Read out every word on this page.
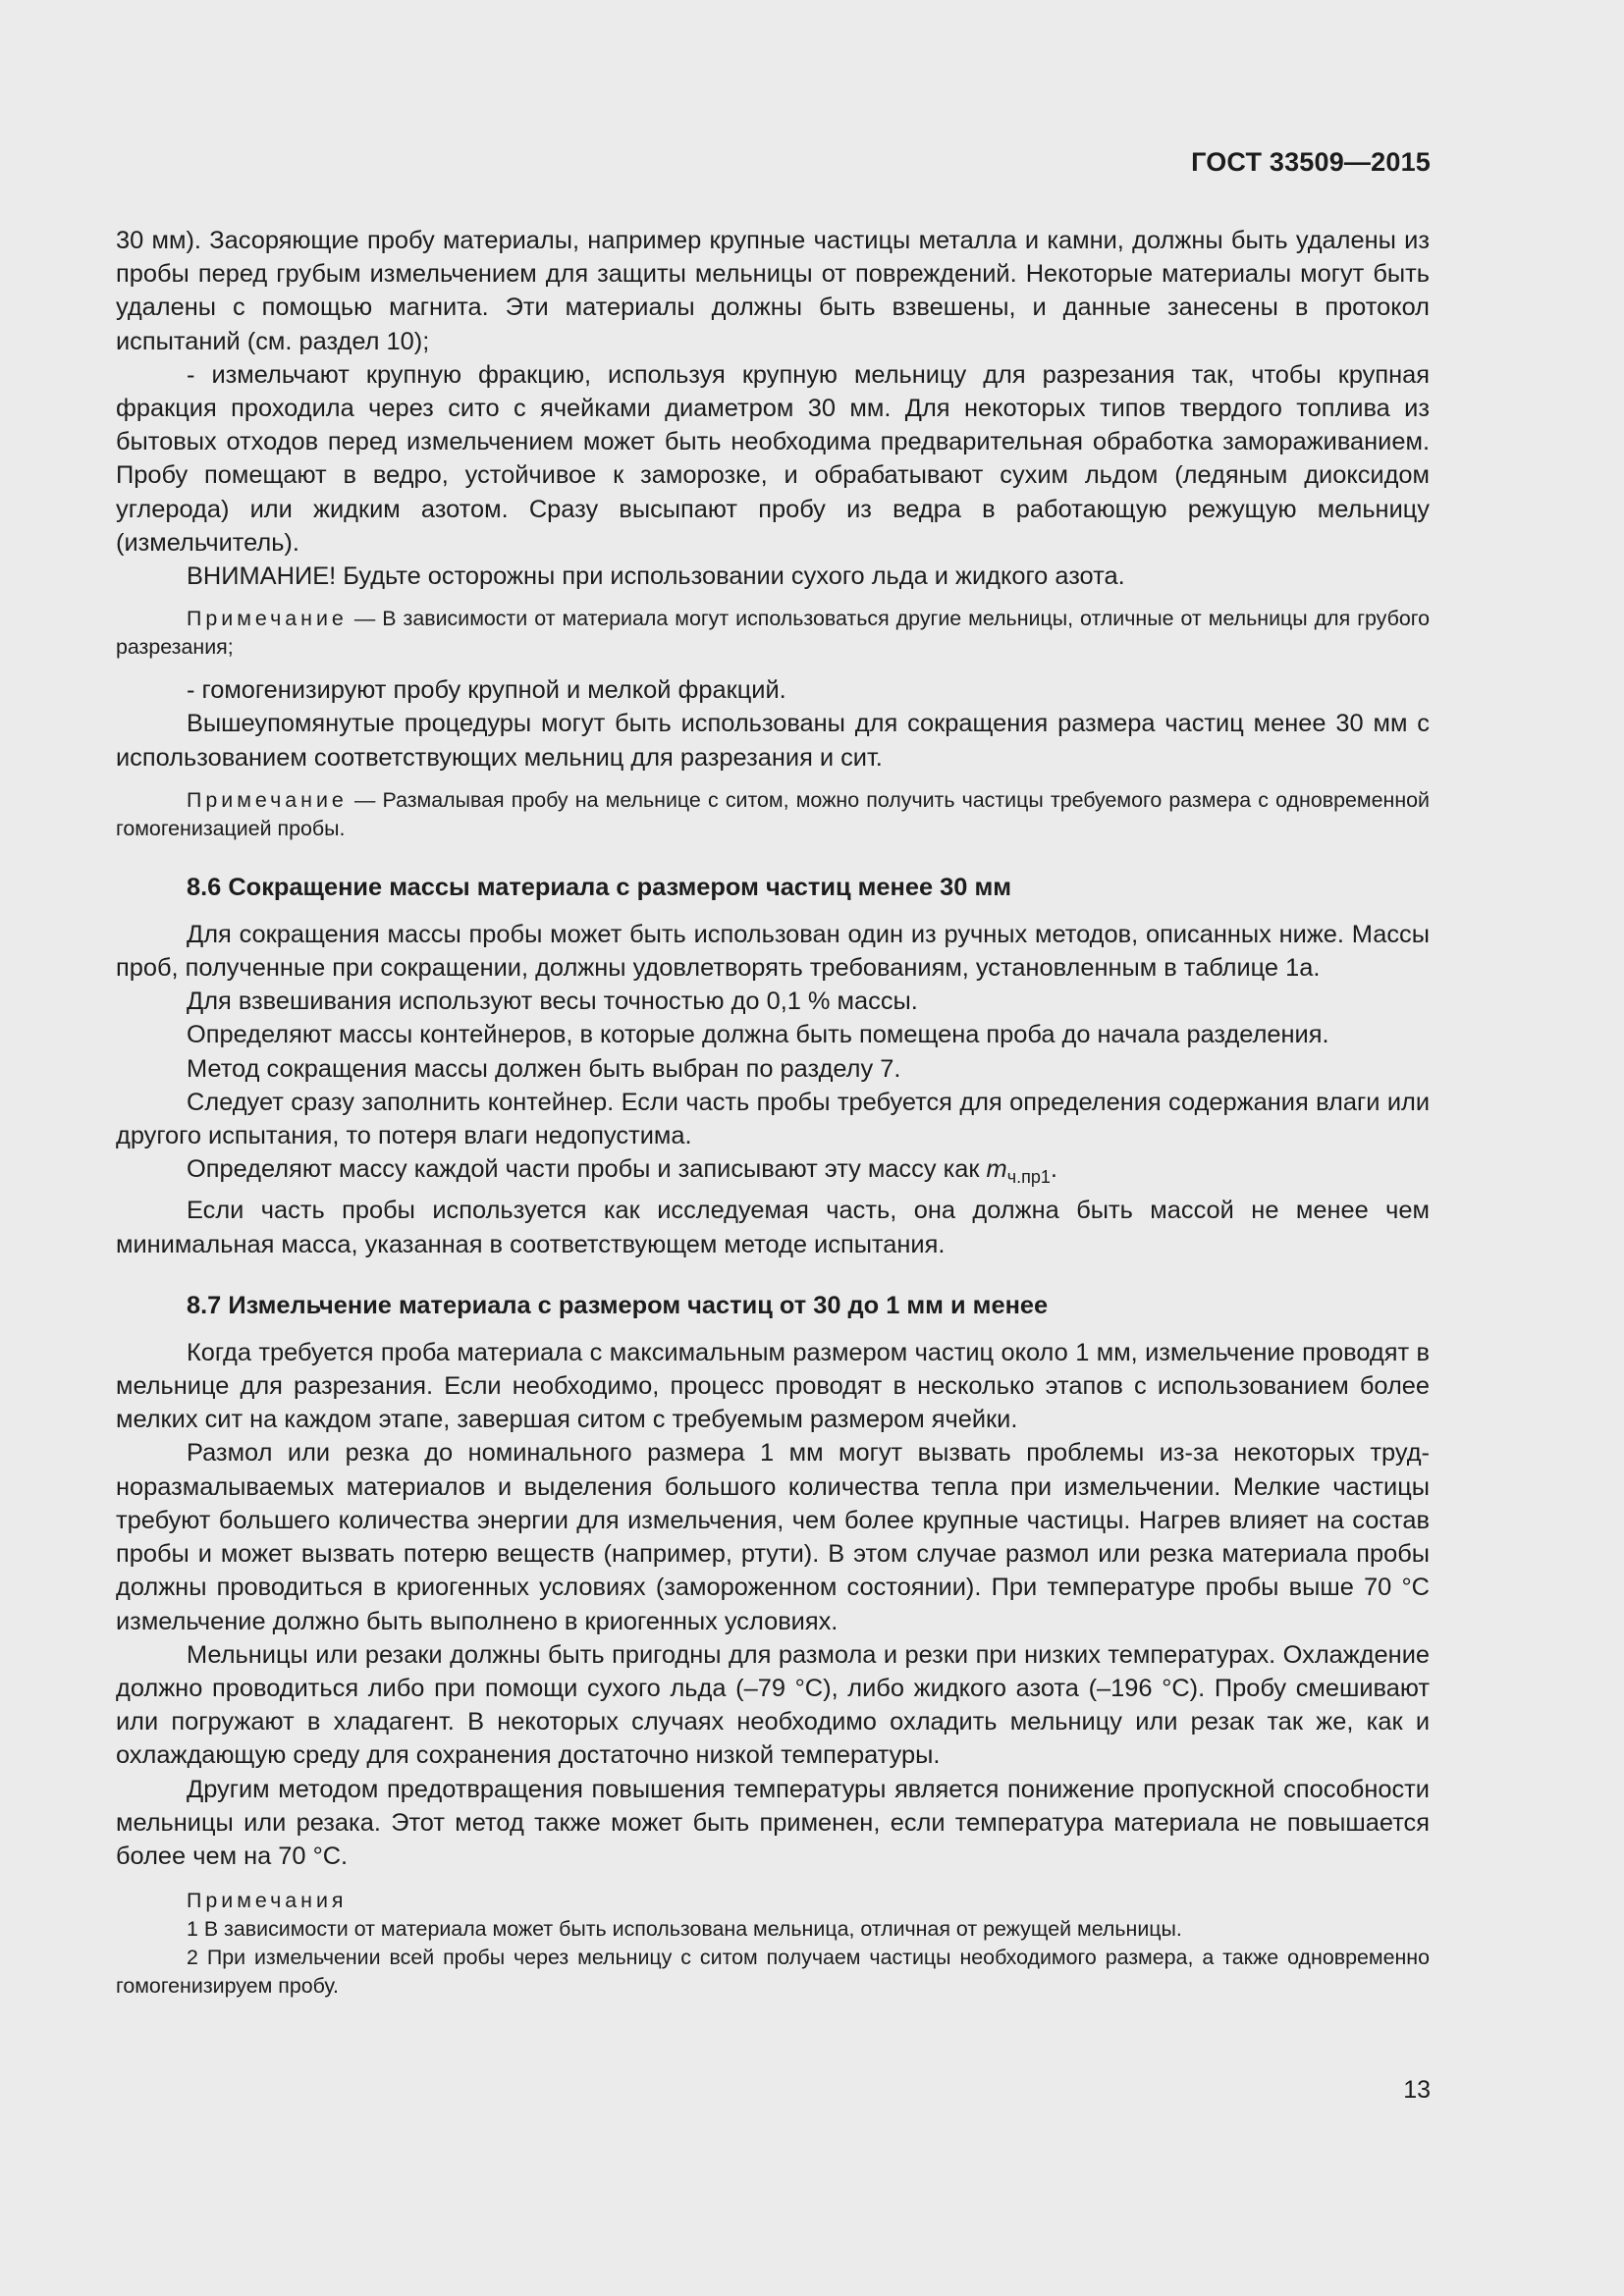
ГОСТ 33509—2015

30 мм). Засоряющие пробу материалы, например крупные частицы металла и камни, должны быть удалены из пробы перед грубым измельчением для защиты мельницы от повреждений. Некоторые материалы могут быть удалены с помощью магнита. Эти материалы должны быть взвешены, и данные занесены в протокол испытаний (см. раздел 10);

- измельчают крупную фракцию, используя крупную мельницу для разрезания так, чтобы крупная фракция проходила через сито с ячейками диаметром 30 мм. Для некоторых типов твердого топлива из бытовых отходов перед измельчением может быть необходима предварительная обработка заморaживанием. Пробу помещают в ведро, устойчивое к заморозке, и обрабатывают сухим льдом (ледяным диоксидом углерода) или жидким азотом. Сразу высыпают пробу из ведра в работающую режущую мельницу (измельчитель).

ВНИМАНИЕ! Будьте осторожны при использовании сухого льда и жидкого азота.

Примечание — В зависимости от материала могут использоваться другие мельницы, отличные от мельницы для грубого разрезания;

- гомогенизируют пробу крупной и мелкой фракций.

Вышеупомянутые процедуры могут быть использованы для сокращения размера частиц менее 30 мм с использованием соответствующих мельниц для разрезания и сит.

Примечание — Размалывая пробу на мельнице с ситом, можно получить частицы требуемого размера с одновременной гомогенизацией пробы.

8.6 Сокращение массы материала с размером частиц менее 30 мм

Для сокращения массы пробы может быть использован один из ручных методов, описанных ниже. Массы проб, полученные при сокращении, должны удовлетворять требованиям, установленным в таблице 1а.

Для взвешивания используют весы точностью до 0,1 % массы.

Определяют массы контейнеров, в которые должна быть помещена проба до начала разделения.

Метод сокращения массы должен быть выбран по разделу 7.

Следует сразу заполнить контейнер. Если часть пробы требуется для определения содержания влаги или другого испытания, то потеря влаги недопустима.

Определяют массу каждой части пробы и записывают эту массу как $m_{ч.пр1}$.

Если часть пробы используется как исследуемая часть, она должна быть массой не менее чем минимальная масса, указанная в соответствующем методе испытания.

8.7 Измельчение материала с размером частиц от 30 до 1 мм и менее

Когда требуется проба материала с максимальным размером частиц около 1 мм, измельчение проводят в мельнице для разрезания. Если необходимо, процесс проводят в несколько этапов с использованием более мелких сит на каждом этапе, завершая ситом с требуемым размером ячейки.

Размол или резка до номинального размера 1 мм могут вызвать проблемы из-за некоторых трудноразмалываемых материалов и выделения большого количества тепла при измельчении. Мелкие частицы требуют большего количества энергии для измельчения, чем более крупные частицы. Нагрев влияет на состав пробы и может вызвать потерю веществ (например, ртути). В этом случае размол или резка материала пробы должны проводиться в криогенных условиях (замороженном состоянии). При температуре пробы выше 70 °С измельчение должно быть выполнено в криогенных условиях.

Мельницы или резаки должны быть пригодны для размола и резки при низких температурах. Охлаждение должно проводиться либо при помощи сухого льда (–79 °С), либо жидкого азота (–196 °С). Пробу смешивают или погружают в хладагент. В некоторых случаях необходимо охладить мельницу или резак так же, как и охлаждающую среду для сохранения достаточно низкой температуры.

Другим методом предотвращения повышения температуры является понижение пропускной способности мельницы или резака. Этот метод также может быть применен, если температура материала не повышается более чем на 70 °С.

Примечания

1 В зависимости от материала может быть использована мельница, отличная от режущей мельницы.

2 При измельчении всей пробы через мельницу с ситом получаем частицы необходимого размера, а также одновременно гомогенизируем пробу.

13
